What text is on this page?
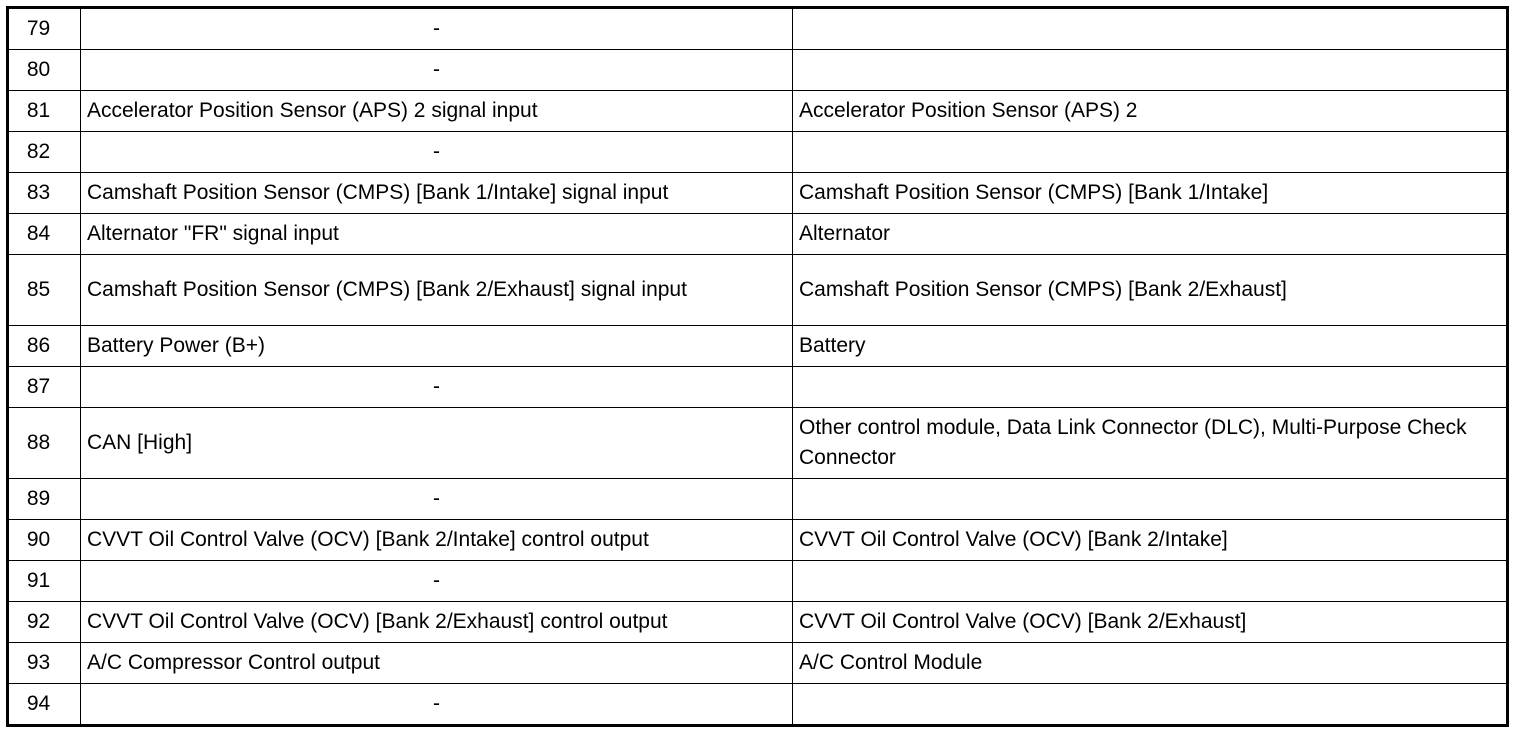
79	-	
80	-	
81	Accelerator Position Sensor (APS) 2 signal input	Accelerator Position Sensor (APS) 2
82	-	
83	Camshaft Position Sensor (CMPS) [Bank 1/Intake] signal input	Camshaft Position Sensor (CMPS) [Bank 1/Intake]
84	Alternator "FR" signal input	Alternator
85	Camshaft Position Sensor (CMPS) [Bank 2/Exhaust] signal input	Camshaft Position Sensor (CMPS) [Bank 2/Exhaust]
86	Battery Power (B+)	Battery
87	-	
88	CAN [High]	Other control module, Data Link Connector (DLC), Multi-Purpose Check Connector
89	-	
90	CVVT Oil Control Valve (OCV) [Bank 2/Intake] control output	CVVT Oil Control Valve (OCV) [Bank 2/Intake]
91	-	
92	CVVT Oil Control Valve (OCV) [Bank 2/Exhaust] control output	CVVT Oil Control Valve (OCV) [Bank 2/Exhaust]
93	A/C Compressor Control output	A/C Control Module
94	-	
